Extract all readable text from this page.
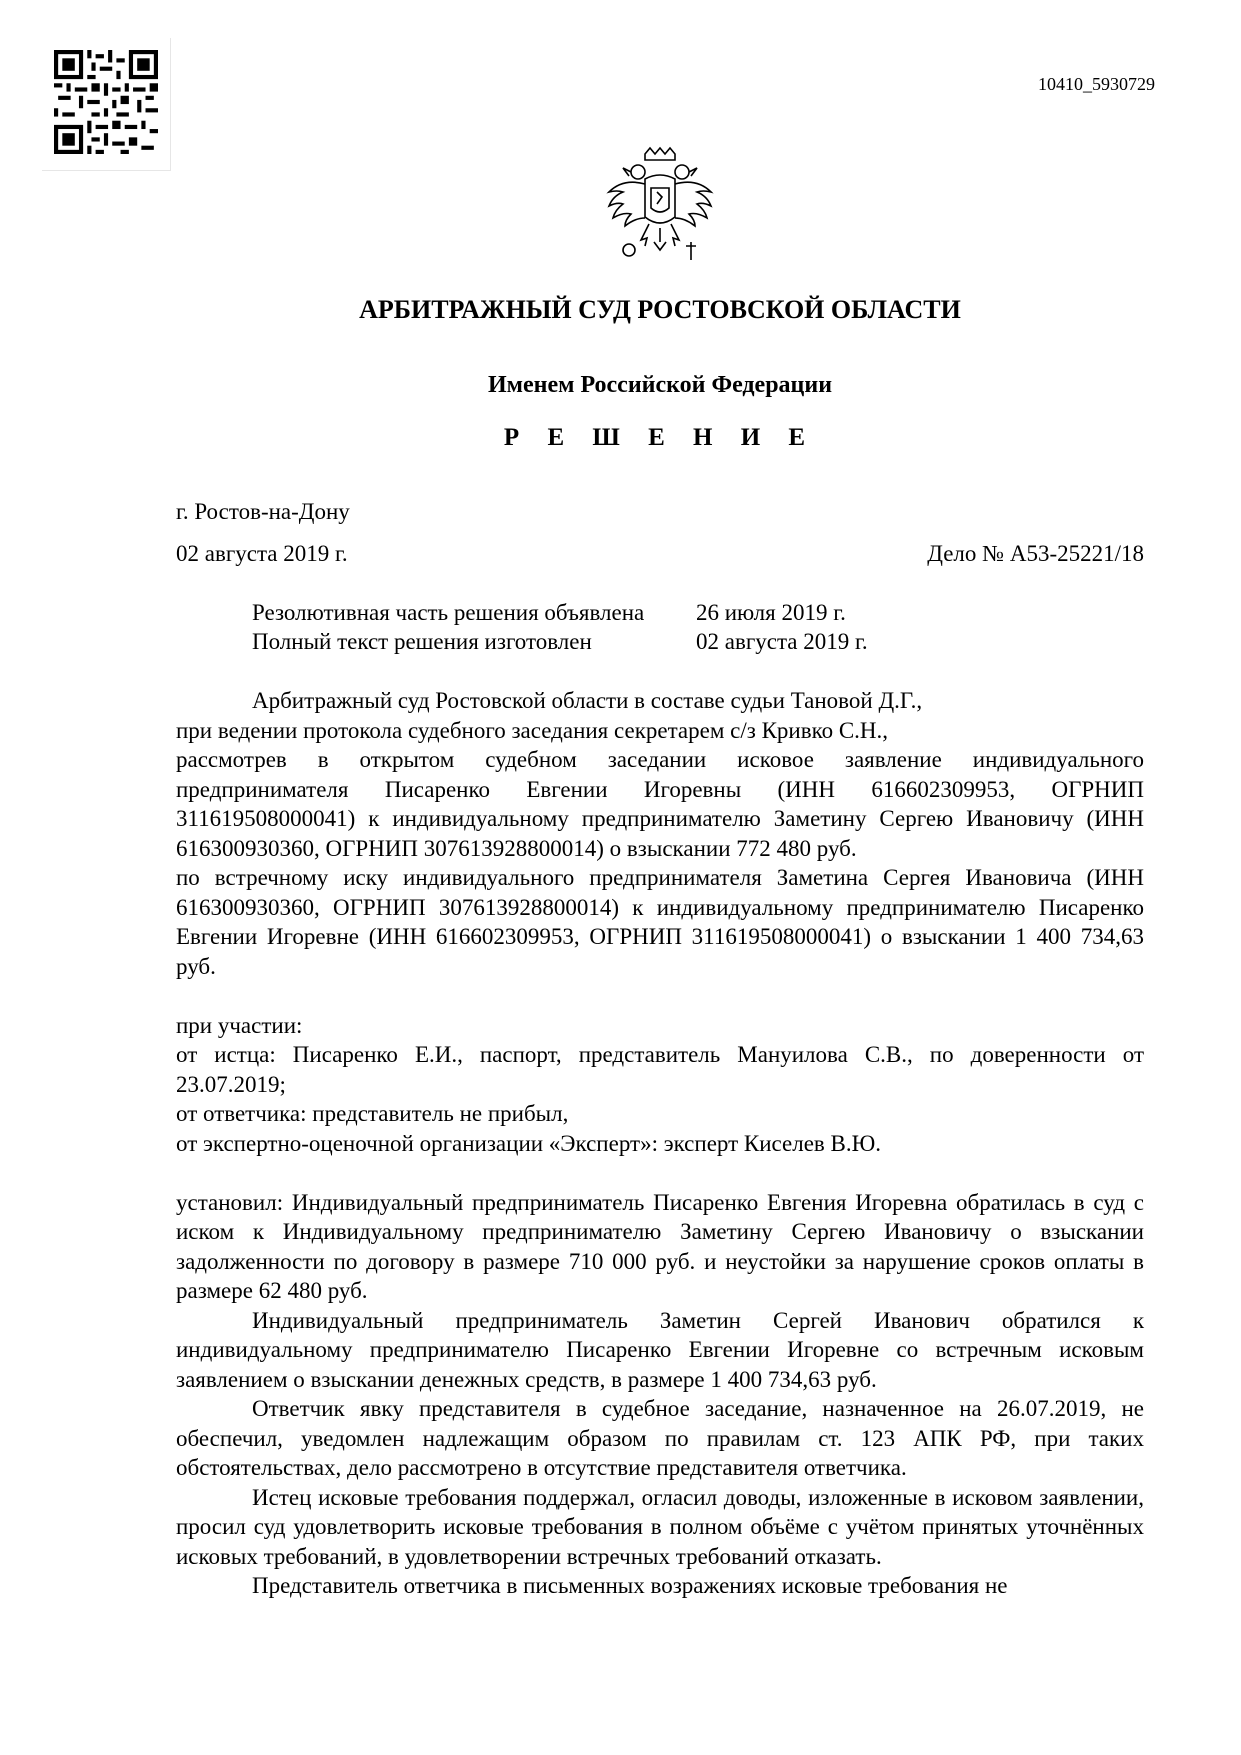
10410_5930729
АРБИТРАЖНЫЙ СУД РОСТОВСКОЙ ОБЛАСТИ
Именем Российской Федерации
Р Е Ш Е Н И Е

г. Ростов-на-Дону

02 августа 2019 г.	Дело № А53-25221/18
Резолютивная часть решения объявлена	26 июля 2019 г.
Полный текст решения изготовлен	02 августа 2019 г.

Арбитражный суд Ростовской области в составе судьи Тановой Д.Г.,

при ведении протокола судебного заседания секретарем с/з Кривко С.Н.,

рассмотрев в открытом судебном заседании исковое заявление индивидуального предпринимателя Писаренко Евгении Игоревны (ИНН 616602309953, ОГРНИП 311619508000041) к индивидуальному предпринимателю Заметину Сергею Ивановичу (ИНН 616300930360, ОГРНИП 307613928800014) о взыскании 772 480 руб.

по встречному иску индивидуального предпринимателя Заметина Сергея Ивановича (ИНН 616300930360, ОГРНИП 307613928800014) к индивидуальному предпринимателю Писаренко Евгении Игоревне (ИНН 616602309953, ОГРНИП 311619508000041) о взыскании 1 400 734,63 руб.

при участии:

от истца: Писаренко Е.И., паспорт, представитель Мануилова С.В., по доверенности от 23.07.2019;

от ответчика: представитель не прибыл,

от экспертно-оценочной организации «Эксперт»: эксперт Киселев В.Ю.

установил: Индивидуальный предприниматель Писаренко Евгения Игоревна обратилась в суд с иском к Индивидуальному предпринимателю Заметину Сергею Ивановичу о взыскании задолженности по договору в размере 710 000 руб. и неустойки за нарушение сроков оплаты в размере 62 480 руб.

Индивидуальный предприниматель Заметин Сергей Иванович обратился к индивидуальному предпринимателю Писаренко Евгении Игоревне со встречным исковым заявлением о взыскании денежных средств, в размере 1 400 734,63 руб.

Ответчик явку представителя в судебное заседание, назначенное на 26.07.2019, не обеспечил, уведомлен надлежащим образом по правилам ст. 123 АПК РФ, при таких обстоятельствах, дело рассмотрено в отсутствие представителя ответчика.

Истец исковые требования поддержал, огласил доводы, изложенные в исковом заявлении, просил суд удовлетворить исковые требования в полном объёме с учётом принятых уточнённых исковых требований, в удовлетворении встречных требований отказать.

Представитель ответчика в письменных возражениях исковые требования не
